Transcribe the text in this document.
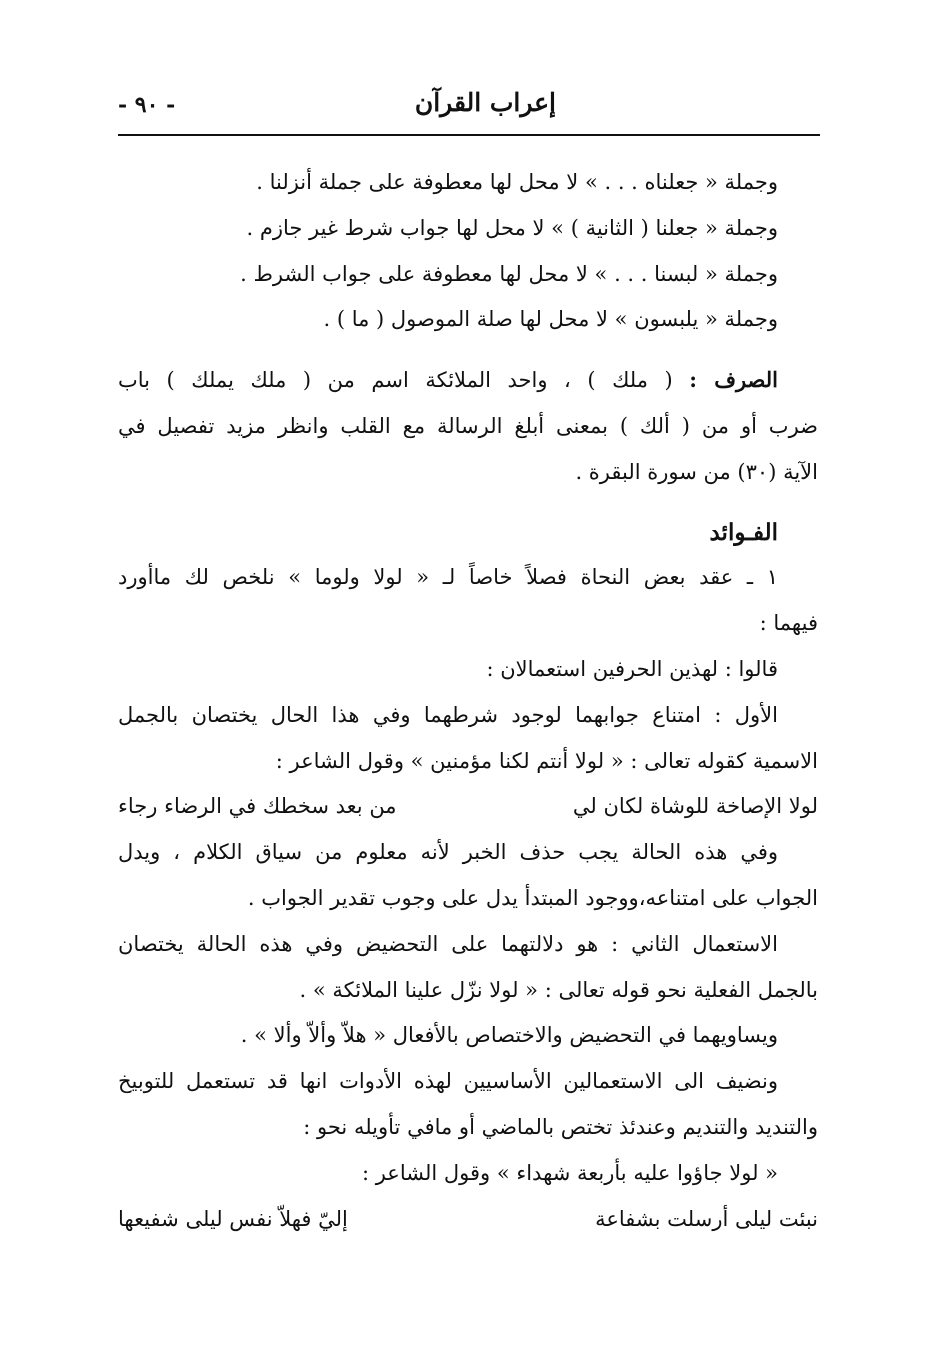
إعراب القرآن
- ٩٠ -
وجملة « جعلناه . . . » لا محل لها معطوفة على جملة أنزلنا .
وجملة « جعلنا ( الثانية ) » لا محل لها جواب شرط غير جازم .
وجملة « لبسنا . . . » لا محل لها معطوفة على جواب الشرط .
وجملة « يلبسون » لا محل لها صلة الموصول ( ما ) .
الصرف : ( ملك ) ، واحد الملائكة اسم من ( ملك يملك ) باب
ضرب أو من ( ألك ) بمعنى أبلغ الرسالة مع القلب وانظر مزيد تفصيل في
الآية (٣٠) من سورة البقرة .
الفـوائد
١ ـ عقد بعض النحاة فصلاً خاصاً لـ « لولا ولوما » نلخص لك ماأورد
فيهما :
قالوا : لهذين الحرفين استعمالان :
الأول : امتناع جوابهما لوجود شرطهما وفي هذا الحال يختصان بالجمل
الاسمية كقوله تعالى : « لولا أنتم لكنا مؤمنين » وقول الشاعر :
لولا الإصاخة للوشاة لكان لي
من بعد سخطك في الرضاء رجاء
وفي هذه الحالة يجب حذف الخبر لأنه معلوم من سياق الكلام ، ويدل
الجواب على امتناعه،ووجود المبتدأ يدل على وجوب تقدير الجواب .
الاستعمال الثاني : هو دلالتهما على التحضيض وفي هذه الحالة يختصان
بالجمل الفعلية نحو قوله تعالى : « لولا نزّل علينا الملائكة » .
ويساويهما في التحضيض والاختصاص بالأفعال « هلاّ وألاّ وألا » .
ونضيف الى الاستعمالين الأساسيين لهذه الأدوات انها قد تستعمل للتوبيخ
والتنديد والتنديم وعندئذ تختص بالماضي أو مافي تأويله نحو :
« لولا جاؤوا عليه بأربعة شهداء » وقول الشاعر :
نبئت ليلى أرسلت بشفاعة
إليّ فهلاّ نفس ليلى شفيعها
